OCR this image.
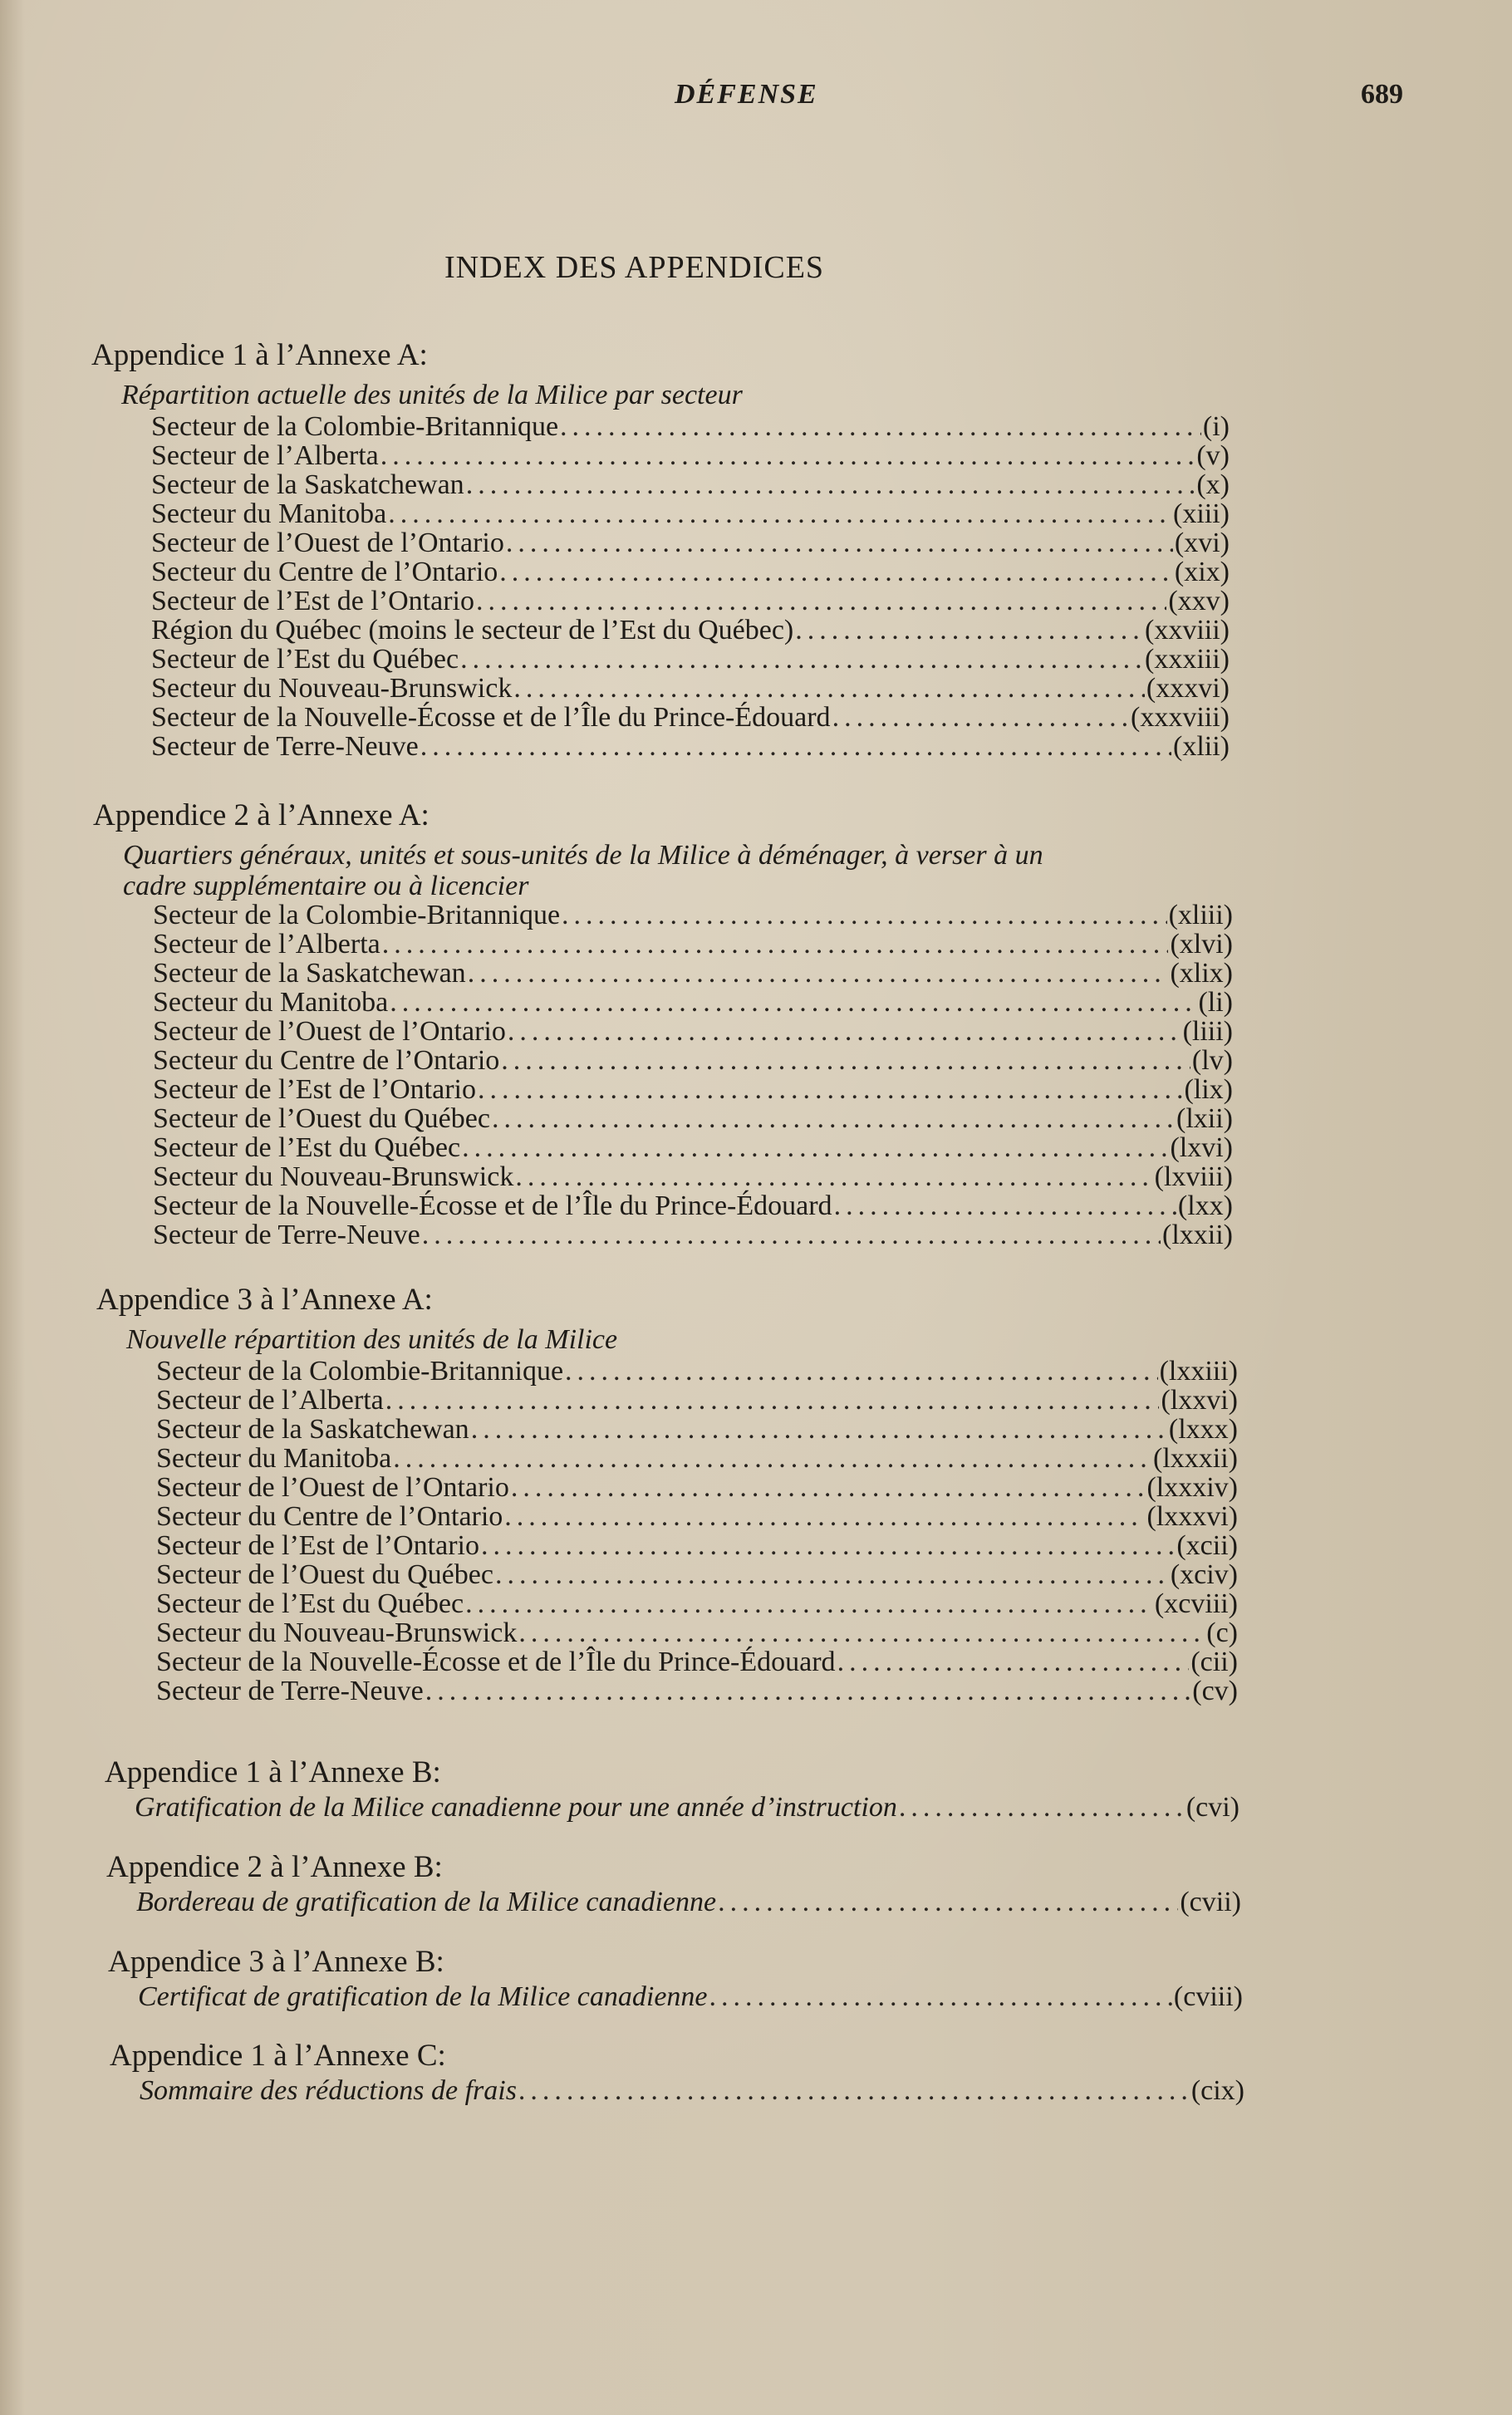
DÉFENSE	689
INDEX DES APPENDICES
Appendice 1 à l’Annexe A:
Répartition actuelle des unités de la Milice par secteur
Secteur de la Colombie-Britannique .....	(i)
Secteur de l’Alberta .....	(v)
Secteur de la Saskatchewan .....	(x)
Secteur du Manitoba .....	(xiii)
Secteur de l’Ouest de l’Ontario .....	(xvi)
Secteur du Centre de l’Ontario .....	(xix)
Secteur de l’Est de l’Ontario .....	(xxv)
Région du Québec (moins le secteur de l’Est du Québec) .....	(xxviii)
Secteur de l’Est du Québec .....	(xxxiii)
Secteur du Nouveau-Brunswick .....	(xxxvi)
Secteur de la Nouvelle-Écosse et de l’Île du Prince-Édouard .....	(xxxviii)
Secteur de Terre-Neuve .....	(xlii)
Appendice 2 à l’Annexe A:
Quartiers généraux, unités et sous-unités de la Milice à déménager, à verser à un
cadre supplémentaire ou à licencier
Secteur de la Colombie-Britannique .....	(xliii)
Secteur de l’Alberta .....	(xlvi)
Secteur de la Saskatchewan .....	(xlix)
Secteur du Manitoba .....	(li)
Secteur de l’Ouest de l’Ontario .....	(liii)
Secteur du Centre de l’Ontario .....	(lv)
Secteur de l’Est de l’Ontario .....	(lix)
Secteur de l’Ouest du Québec .....	(lxii)
Secteur de l’Est du Québec .....	(lxvi)
Secteur du Nouveau-Brunswick .....	(lxviii)
Secteur de la Nouvelle-Écosse et de l’Île du Prince-Édouard .....	(lxx)
Secteur de Terre-Neuve .....	(lxxii)
Appendice 3 à l’Annexe A:
Nouvelle répartition des unités de la Milice
Secteur de la Colombie-Britannique .....	(lxxiii)
Secteur de l’Alberta .....	(lxxvi)
Secteur de la Saskatchewan .....	(lxxx)
Secteur du Manitoba .....	(lxxxii)
Secteur de l’Ouest de l’Ontario .....	(lxxxiv)
Secteur du Centre de l’Ontario .....	(lxxxvi)
Secteur de l’Est de l’Ontario .....	(xcii)
Secteur de l’Ouest du Québec .....	(xciv)
Secteur de l’Est du Québec .....	(xcviii)
Secteur du Nouveau-Brunswick .....	(c)
Secteur de la Nouvelle-Écosse et de l’Île du Prince-Édouard .....	(cii)
Secteur de Terre-Neuve .....	(cv)
Appendice 1 à l’Annexe B:
Gratification de la Milice canadienne pour une année d’instruction .....	(cvi)
Appendice 2 à l’Annexe B:
Bordereau de gratification de la Milice canadienne .....	(cvii)
Appendice 3 à l’Annexe B:
Certificat de gratification de la Milice canadienne .....	(cviii)
Appendice 1 à l’Annexe C:
Sommaire des réductions de frais .....	(cix)
